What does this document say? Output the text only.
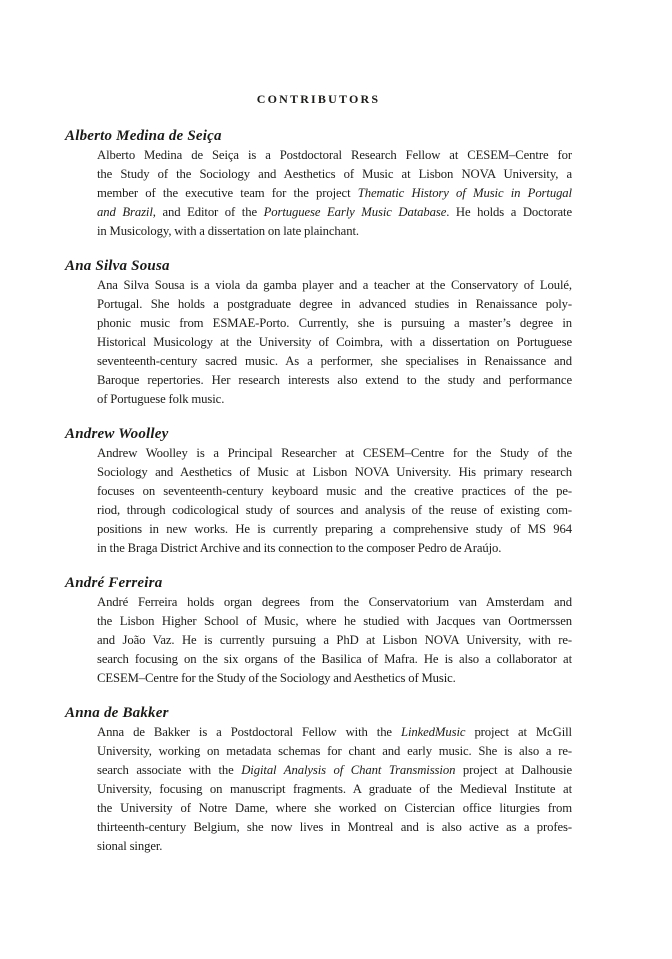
CONTRIBUTORS
Alberto Medina de Seiça
Alberto Medina de Seiça is a Postdoctoral Research Fellow at CESEM–Centre for
the Study of the Sociology and Aesthetics of Music at Lisbon NOVA University, a
member of the executive team for the project Thematic History of Music in Portugal
and Brazil, and Editor of the Portuguese Early Music Database. He holds a Doctorate
in Musicology, with a dissertation on late plainchant.
Ana Silva Sousa
Ana Silva Sousa is a viola da gamba player and a teacher at the Conservatory of Loulé,
Portugal. She holds a postgraduate degree in advanced studies in Renaissance poly-
phonic music from ESMAE-Porto. Currently, she is pursuing a master’s degree in
Historical Musicology at the University of Coimbra, with a dissertation on Portuguese
seventeenth-century sacred music. As a performer, she specialises in Renaissance and
Baroque repertories. Her research interests also extend to the study and performance
of Portuguese folk music.
Andrew Woolley
Andrew Woolley is a Principal Researcher at CESEM–Centre for the Study of the
Sociology and Aesthetics of Music at Lisbon NOVA University. His primary research
focuses on seventeenth-century keyboard music and the creative practices of the pe-
riod, through codicological study of sources and analysis of the reuse of existing com-
positions in new works. He is currently preparing a comprehensive study of MS 964
in the Braga District Archive and its connection to the composer Pedro de Araújo.
André Ferreira
André Ferreira holds organ degrees from the Conservatorium van Amsterdam and
the Lisbon Higher School of Music, where he studied with Jacques van Oortmerssen
and João Vaz. He is currently pursuing a PhD at Lisbon NOVA University, with re-
search focusing on the six organs of the Basilica of Mafra. He is also a collaborator at
CESEM–Centre for the Study of the Sociology and Aesthetics of Music.
Anna de Bakker
Anna de Bakker is a Postdoctoral Fellow with the LinkedMusic project at McGill
University, working on metadata schemas for chant and early music. She is also a re-
search associate with the Digital Analysis of Chant Transmission project at Dalhousie
University, focusing on manuscript fragments. A graduate of the Medieval Institute at
the University of Notre Dame, where she worked on Cistercian office liturgies from
thirteenth-century Belgium, she now lives in Montreal and is also active as a profes-
sional singer.
